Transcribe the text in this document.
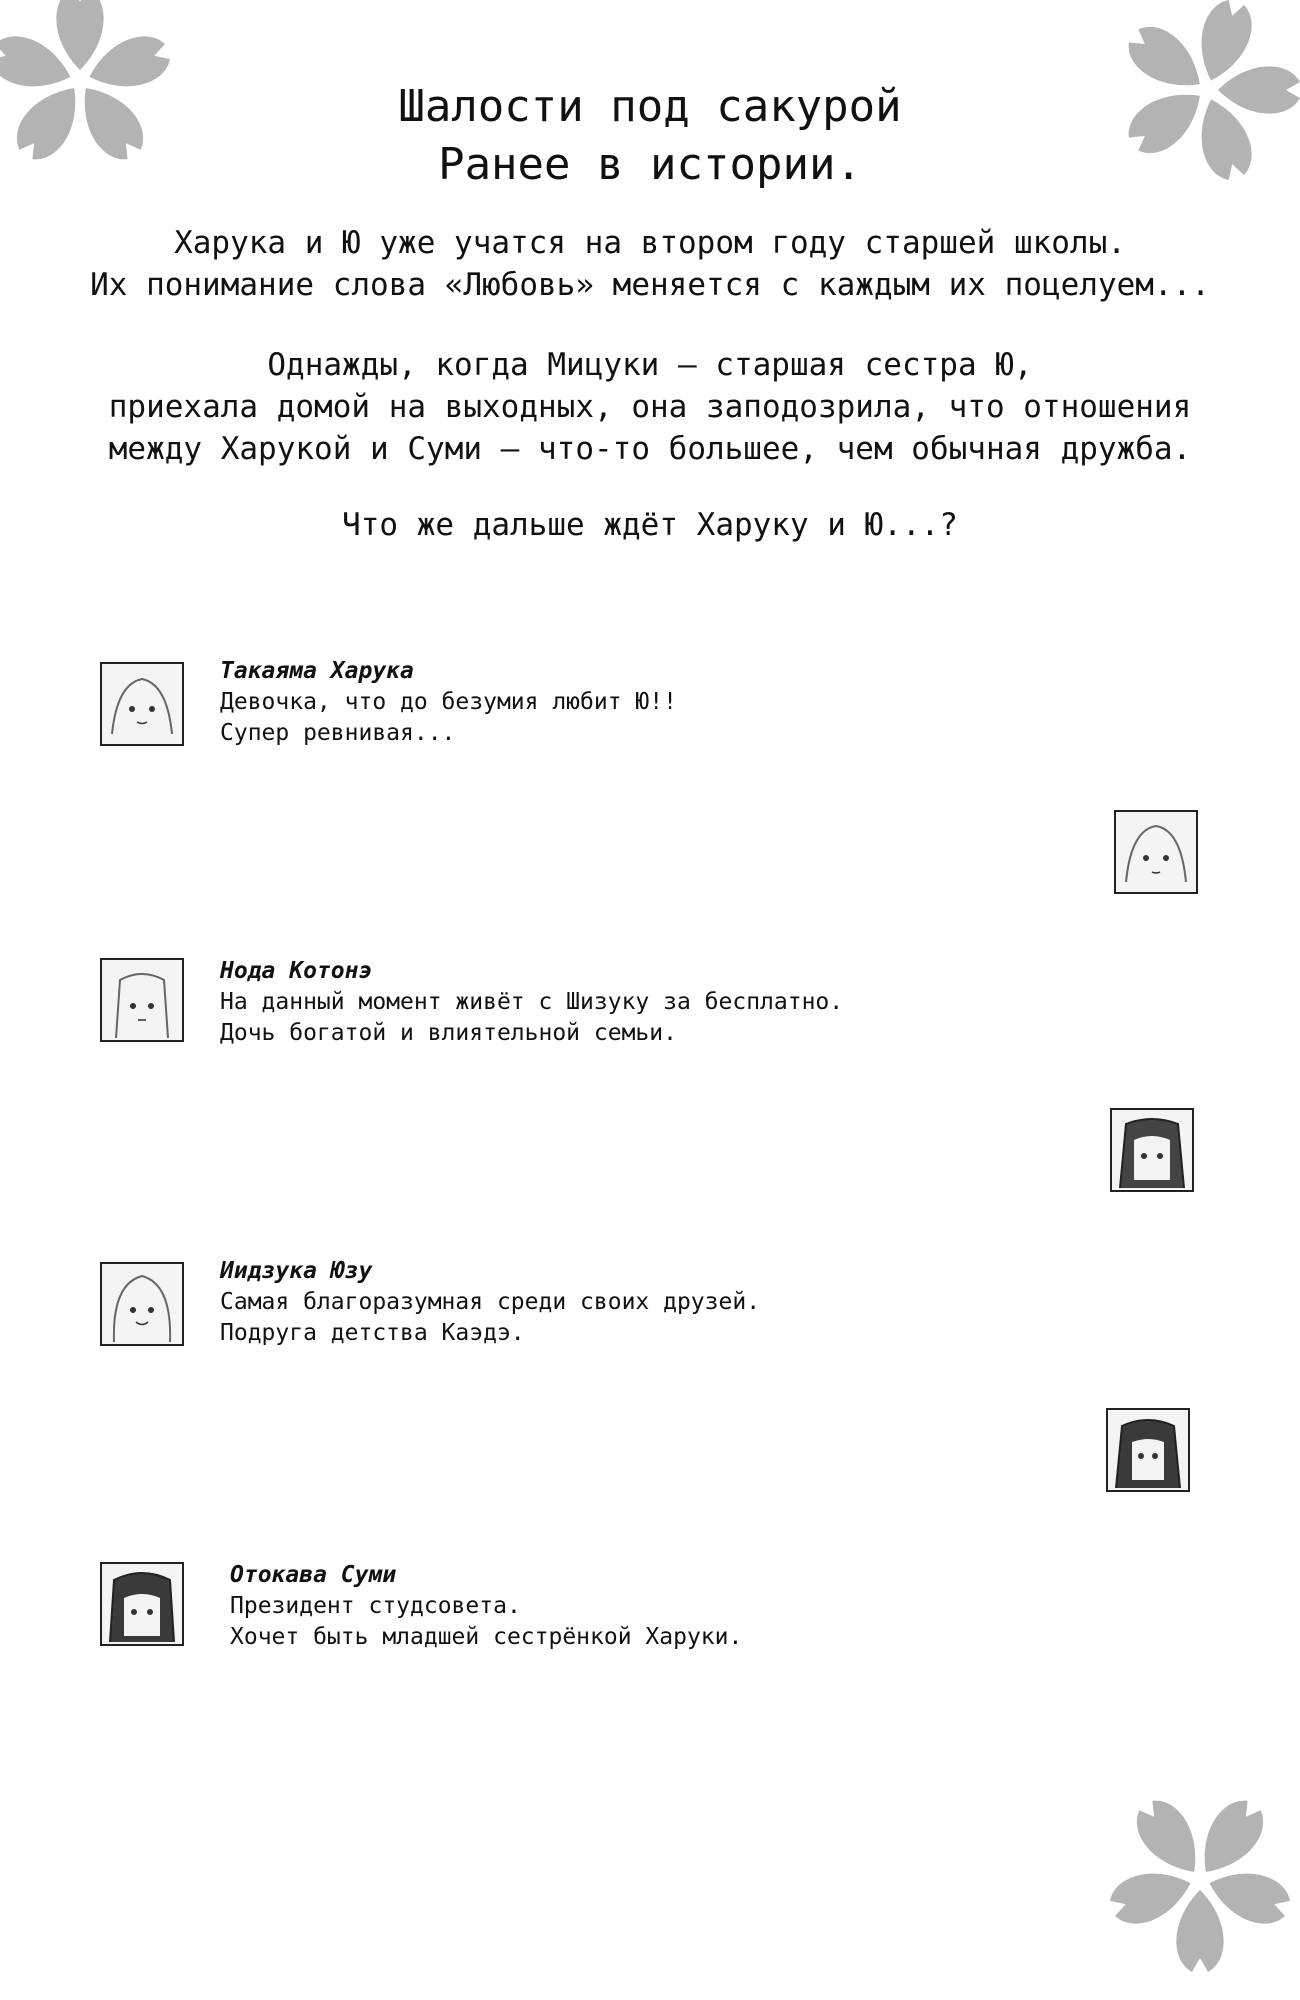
Шалости под сакурой
Ранее в истории.
Харука и Ю уже учатся на втором году старшей школы.
Их понимание слова «Любовь» меняется с каждым их поцелуем...
Однажды, когда Мицуки — старшая сестра Ю,
приехала домой на выходных, она заподозрила, что отношения
между Харукой и Суми — что-то большее, чем обычная дружба.
Что же дальше ждёт Харуку и Ю...?
Такаяма Харука
Девочка, что до безумия любит Ю!!
Супер ревнивая...
Нода Котонэ
На данный момент живёт с Шизуку за бесплатно.
Дочь богатой и влиятельной семьи.
Иидзука Юзу
Самая благоразумная среди своих друзей.
Подруга детства Каэдэ.
Отокава Суми
Президент студсовета.
Хочет быть младшей сестрёнкой Харуки.
